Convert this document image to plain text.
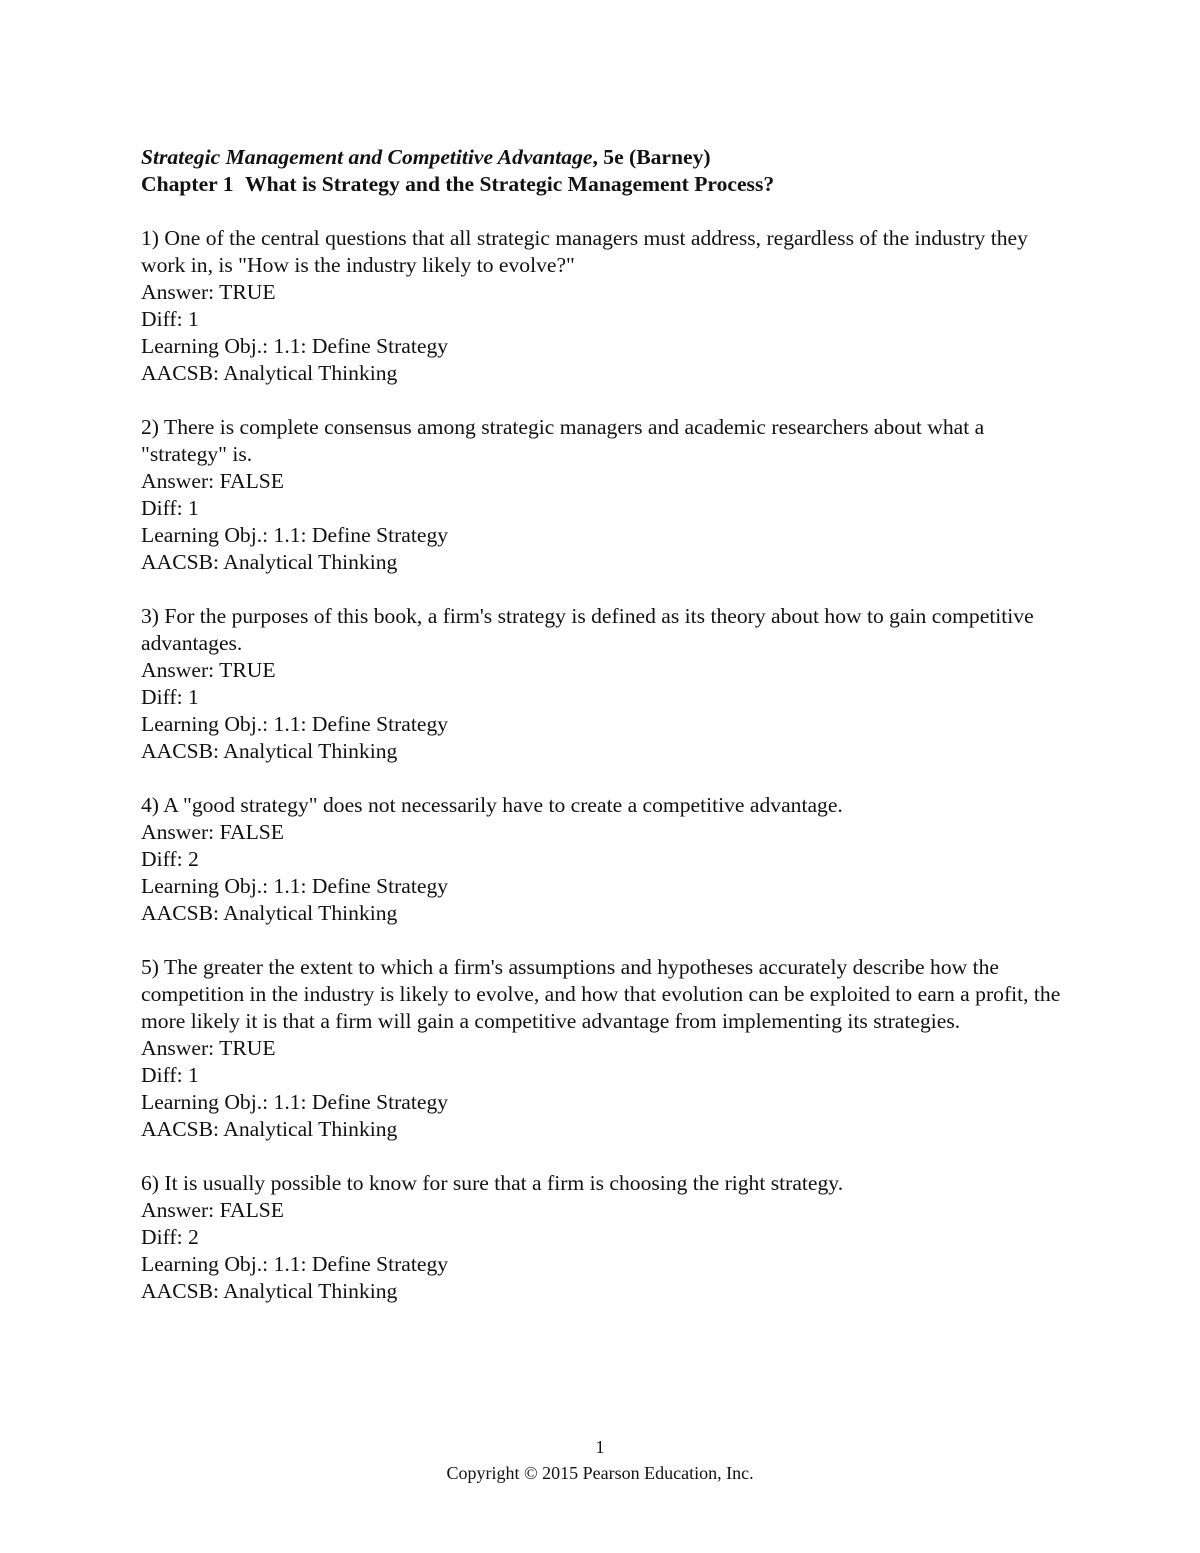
Strategic Management and Competitive Advantage, 5e (Barney)

Chapter 1 What is Strategy and the Strategic Management Process?

1) One of the central questions that all strategic managers must address, regardless of the industry they work in, is "How is the industry likely to evolve?"

Answer: TRUE

Diff: 1

Learning Obj.: 1.1: Define Strategy

AACSB: Analytical Thinking

2) There is complete consensus among strategic managers and academic researchers about what a "strategy" is.

Answer: FALSE

Diff: 1

Learning Obj.: 1.1: Define Strategy

AACSB: Analytical Thinking

3) For the purposes of this book, a firm's strategy is defined as its theory about how to gain competitive advantages.

Answer: TRUE

Diff: 1

Learning Obj.: 1.1: Define Strategy

AACSB: Analytical Thinking

4) A "good strategy" does not necessarily have to create a competitive advantage.

Answer: FALSE

Diff: 2

Learning Obj.: 1.1: Define Strategy

AACSB: Analytical Thinking

5) The greater the extent to which a firm's assumptions and hypotheses accurately describe how the competition in the industry is likely to evolve, and how that evolution can be exploited to earn a profit, the more likely it is that a firm will gain a competitive advantage from implementing its strategies.

Answer: TRUE

Diff: 1

Learning Obj.: 1.1: Define Strategy

AACSB: Analytical Thinking

6) It is usually possible to know for sure that a firm is choosing the right strategy.

Answer: FALSE

Diff: 2

Learning Obj.: 1.1: Define Strategy

AACSB: Analytical Thinking

1
Copyright © 2015 Pearson Education, Inc.
